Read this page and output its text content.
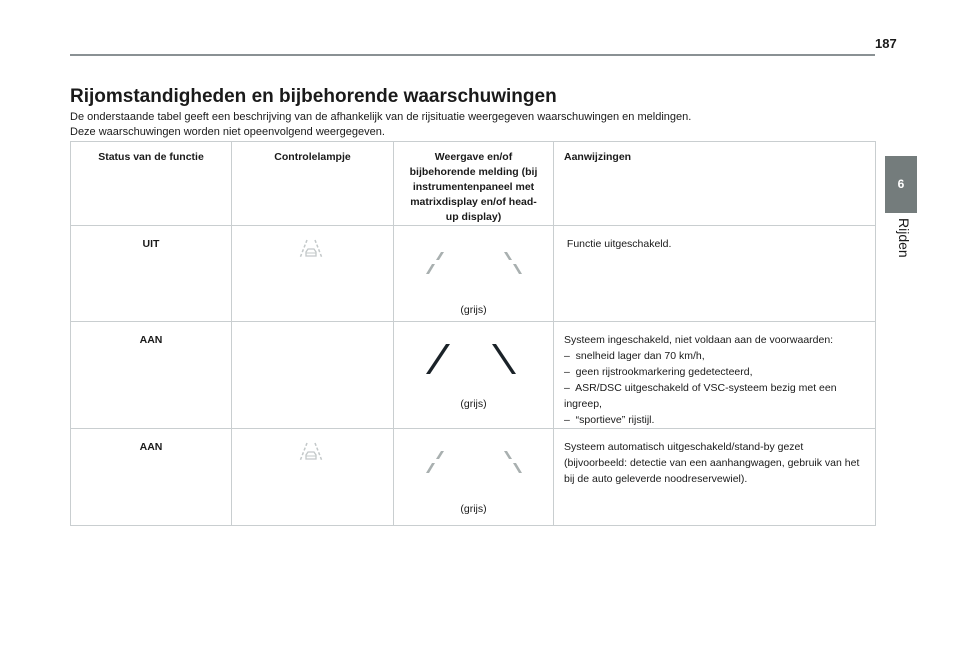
187
Rijomstandigheden en bijbehorende waarschuwingen

De onderstaande tabel geeft een beschrijving van de afhankelijk van de rijsituatie weergegeven waarschuwingen en meldingen.

Deze waarschuwingen worden niet opeenvolgend weergegeven.

6
Rijden
Status van de functie	Controlelampje	Weergave en/of bijbehorende melding (bij instrumentenpaneel met matrixdisplay en/of head-up display)	Aanwijzingen
UIT		(grijs)	Functie uitgeschakeld.

AAN		(grijs)	Systeem ingeschakeld, niet voldaan aan de voorwaarden:
–  snelheid lager dan 70 km/h,
–  geen rijstrookmarkering gedetecteerd,
–  ASR/DSC uitgeschakeld of VSC-systeem bezig met een ingreep,
–  “sportieve” rijstijl.

AAN		(grijs)	Systeem automatisch uitgeschakeld/stand-by gezet (bijvoorbeeld: detectie van een aanhangwagen, gebruik van het bij de auto geleverde noodreservewiel).
